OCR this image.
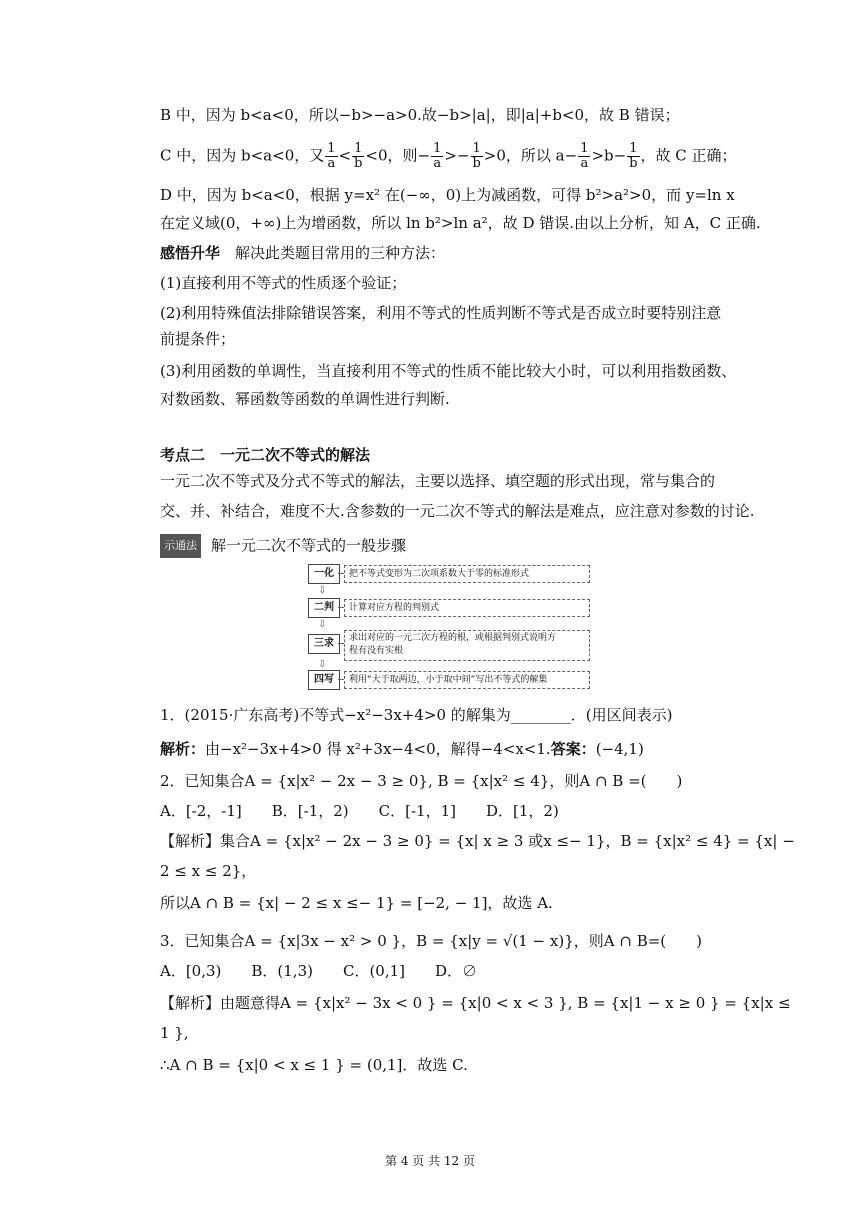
B 中，因为 b<a<0，所以−b>−a>0.故−b>|a|，即|a|+b<0，故 B 错误；
C 中，因为 b<a<0，又 $\frac{1}{a} < \frac{1}{b} <0$，则− $\frac{1}{a} >- \frac{1}{b} >0$，所以 $a- \frac{1}{a} >b- \frac{1}{b}$ ，故 C 正确；
D 中，因为 b<a<0，根据 y=x² 在(−∞，0)上为减函数，可得 b²>a²>0，而 y=ln x
在定义域(0，+∞)上为增函数，所以 ln b²>ln a²，故 D 错误.由以上分析，知 A，C 正确.
感悟升华　 解决此类题目常用的三种方法：
(1)直接利用不等式的性质逐个验证；
(2)利用特殊值法排除错误答案，利用不等式的性质判断不等式是否成立时要特别注意
前提条件；
(3)利用函数的单调性，当直接利用不等式的性质不能比较大小时，可以利用指数函数、
对数函数、幂函数等函数的单调性进行判断.
考点二　一元二次不等式的解法
一元二次不等式及分式不等式的解法，主要以选择、填空题的形式出现，常与集合的
交、并、补结合，难度不大.含参数的一元二次不等式的解法是难点，应注意对参数的讨论.
示通法 解一元二次不等式的一般步骤
一化	把不等式变形为二次项系数大于零的标准形式
⇩
二判	计算对应方程的判别式
⇩
三求	求出对应的一元二次方程的根，或根据判别式说明方
程有没有实根
⇩
四写	利用“大于取两边，小于取中间”写出不等式的解集
1．(2015·广东高考)不等式−x²−3x+4>0 的解集为________．(用区间表示)
解析：由−x²−3x+4>0 得 x²+3x−4<0，解得−4<x<1.答案：(−4,1)
2．已知集合A = {x|x² − 2x − 3 ≥ 0}, B = {x|x² ≤ 4}，则A ∩ B =(　　)
A．[-2，-1]　　B．[-1，2)　　C．[-1，1]　　D．[1，2)
【解析】集合A = {x|x² − 2x − 3 ≥ 0} = {x| x ≥ 3 或x ≤− 1}，B = {x|x² ≤ 4} = {x| −
2 ≤ x ≤ 2}，
所以A ∩ B = {x| − 2 ≤ x ≤− 1} = [−2, − 1]，故选 A.
3．已知集合A = {x|3x − x² > 0 }，B = {x|y = √(1 − x)}，则A ∩ B=(　　)
A．[0,3)　　B．(1,3)　　C．(0,1]　　D．∅
【解析】由题意得A = {x|x² − 3x < 0 } = {x|0 < x < 3 }, B = {x|1 − x ≥ 0 } = {x|x ≤
1 },
∴A ∩ B = {x|0 < x ≤ 1 } = (0,1]．故选 C.
第 4 页 共 12 页
